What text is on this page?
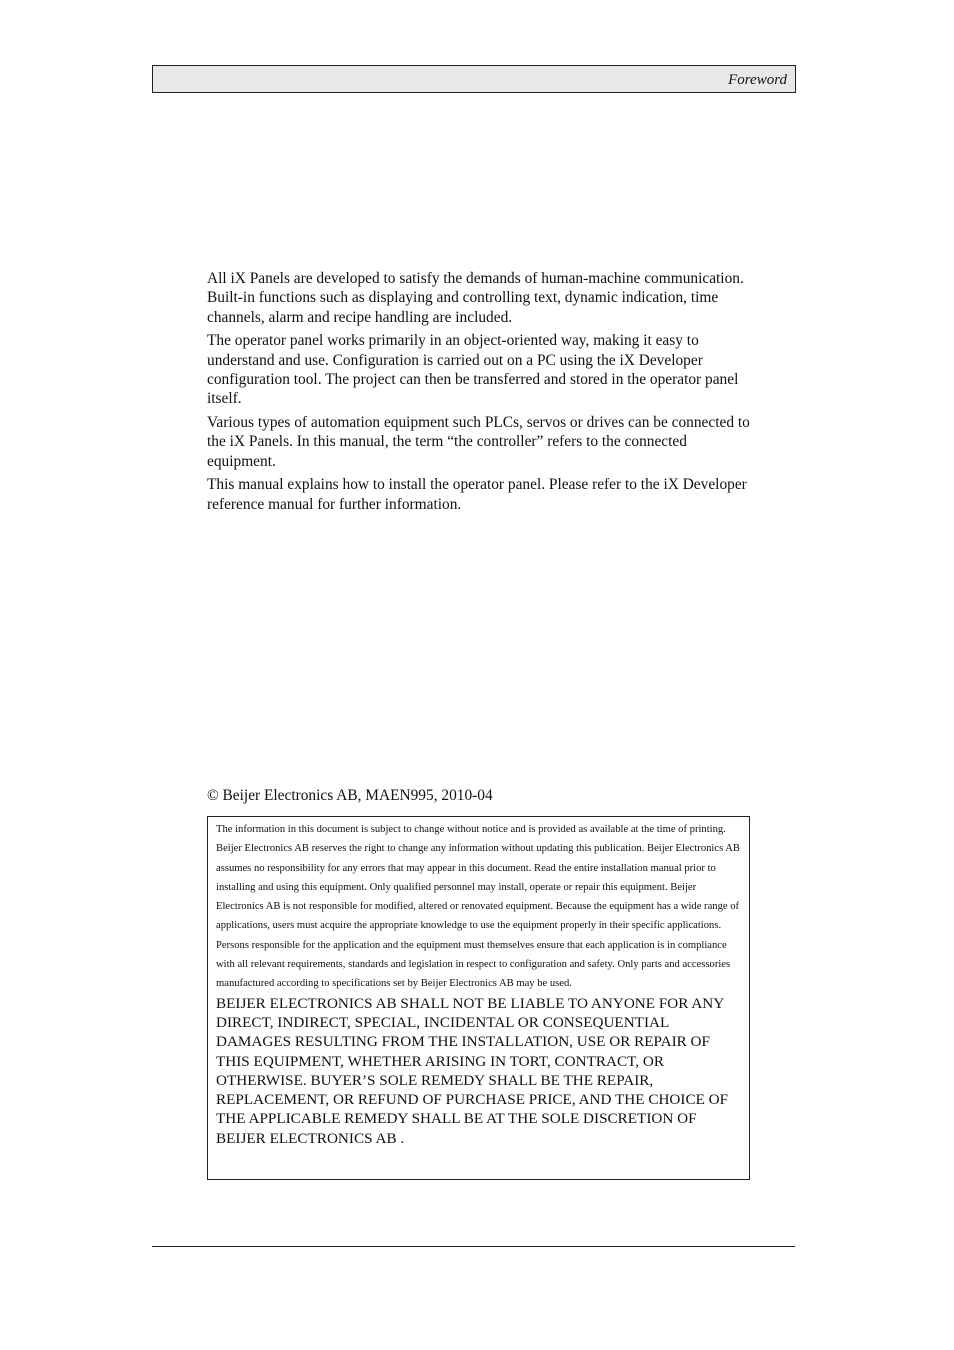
Foreword

All iX Panels are developed to satisfy the demands of human-machine communication. Built-in functions such as displaying and controlling text, dynamic indication, time channels, alarm and recipe handling are included.

The operator panel works primarily in an object-oriented way, making it easy to understand and use. Configuration is carried out on a PC using the iX Developer configuration tool. The project can then be transferred and stored in the operator panel itself.

Various types of automation equipment such PLCs, servos or drives can be connected to the iX Panels. In this manual, the term “the controller” refers to the connected equipment.

This manual explains how to install the operator panel. Please refer to the iX Developer reference manual for further information.

© Beijer Electronics AB, MAEN995, 2010-04

The information in this document is subject to change without notice and is provided as available at the time of printing. Beijer Electronics AB reserves the right to change any information without updating this publication. Beijer Electronics AB assumes no responsibility for any errors that may appear in this document. Read the entire installation manual prior to installing and using this equipment. Only qualified personnel may install, operate or repair this equipment. Beijer Electronics AB is not responsible for modified, altered or renovated equipment. Because the equipment has a wide range of applications, users must acquire the appropriate knowledge to use the equipment properly in their specific applications. Persons responsible for the application and the equipment must themselves ensure that each application is in compliance with all relevant requirements, standards and legislation in respect to configuration and safety. Only parts and accessories manufactured according to specifications set by Beijer Electronics AB may be used.

BEIJER ELECTRONICS AB SHALL NOT BE LIABLE TO ANYONE FOR ANY DIRECT, INDIRECT, SPECIAL, INCIDENTAL OR CONSEQUENTIAL DAMAGES RESULTING FROM THE INSTALLATION, USE OR REPAIR OF THIS EQUIPMENT, WHETHER ARISING IN TORT, CONTRACT, OR OTHERWISE. BUYER’S SOLE REMEDY SHALL BE THE REPAIR, REPLACEMENT, OR REFUND OF PURCHASE PRICE, AND THE CHOICE OF THE APPLICABLE REMEDY SHALL BE AT THE SOLE DISCRETION OF BEIJER ELECTRONICS AB .
